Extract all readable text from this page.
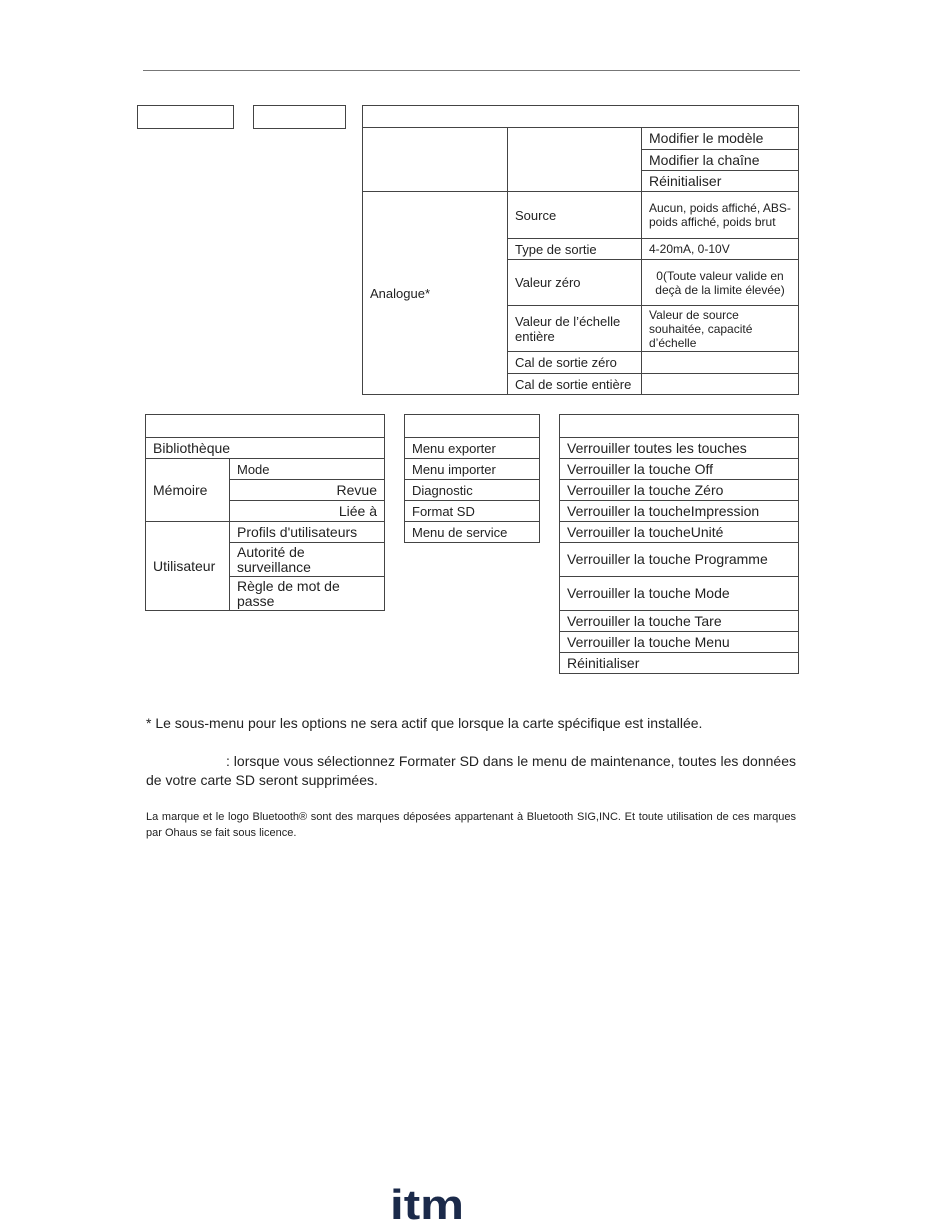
		Modifier le modèle
		Modifier la chaîne
		Réinitialiser
Analogue*	Source	Aucun, poids affiché, ABS-poids affiché, poids brut
	Type de sortie	4-20mA, 0-10V
	Valeur zéro	0(Toute valeur valide en deçà de la limite élevée)
	Valeur de l’échelle entière	Valeur de source souhaitée, capacité d’échelle
	Cal de sortie zéro	
	Cal de sortie entière	

Bibliothèque	
Mémoire	Mode
	Revue
	Liée à
Utilisateur	Profils d'utilisateurs
	Autorité de surveillance
	Règle de mot de passe

Menu exporter
Menu importer
Diagnostic
Format SD
Menu de service

Verrouiller toutes les touches
Verrouiller la touche Off
Verrouiller la touche Zéro
Verrouiller la toucheImpression
Verrouiller la toucheUnité
Verrouiller la touche Programme
Verrouiller la touche Mode
Verrouiller la touche Tare
Verrouiller la touche Menu
Réinitialiser
* Le sous-menu pour les options ne sera actif que lorsque la carte spécifique est installée.
: lorsque vous sélectionnez Formater SD dans le menu de maintenance, toutes les données de votre carte SD seront supprimées.
La marque et le logo Bluetooth® sont des marques déposées appartenant à Bluetooth SIG,INC. Et toute utilisation de ces marques par Ohaus se fait sous licence.
itm
